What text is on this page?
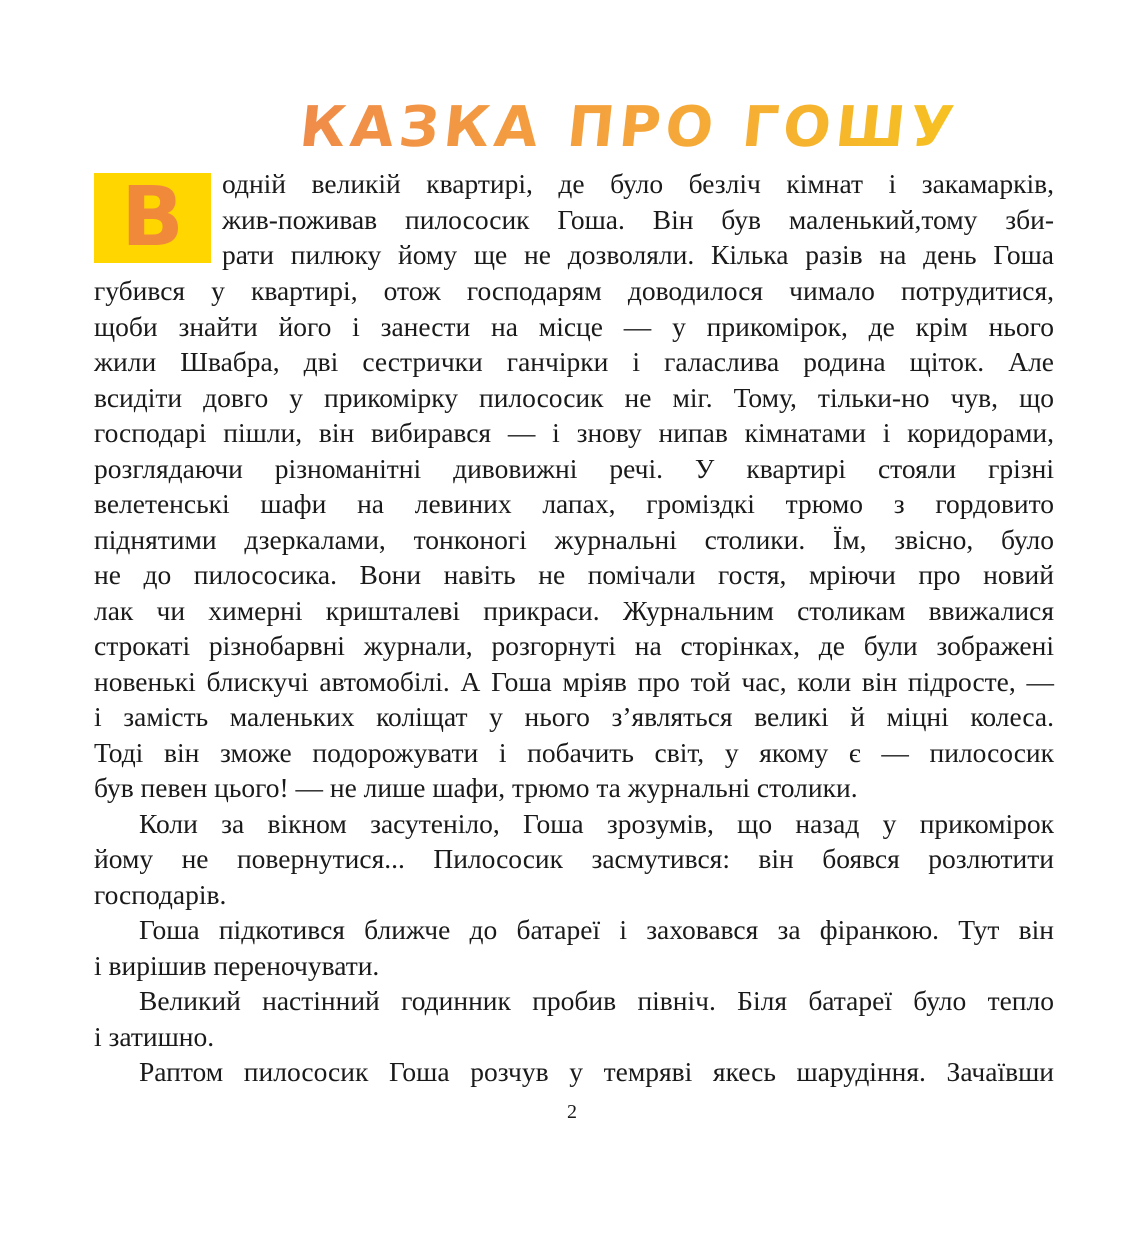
КАЗКА ПРО ГОШУ
В	одній великій квартирі, де було безліч кімнат і закамарків,

жив-поживав пилососик Гоша. Він був маленький,тому зби-

рати пилюку йому ще не дозволяли. Кілька разів на день Гоша

губився у квартирі, отож господарям доводилося чимало потрудитися,

щоби знайти його і занести на місце — у прикомірок, де крім нього

жили Швабра, дві сестрички ганчірки і галаслива родина щіток. Але

всидіти довго у прикомірку пилососик не міг. Тому, тільки-но чув, що

господарі пішли, він вибирався — і знову нипав кімнатами і коридорами,

розглядаючи різноманітні дивовижні речі. У квартирі стояли грізні

велетенські шафи на левиних лапах, громіздкі трюмо з гордовито

піднятими дзеркалами, тонконогі журнальні столики. Їм, звісно, було

не до пилососика. Вони навіть не помічали гостя, мріючи про новий

лак чи химерні кришталеві прикраси. Журнальним столикам ввижалися

строкаті різнобарвні журнали, розгорнуті на сторінках, де були зображені

новенькі блискучі автомобілі. А Гоша мріяв про той час, коли він підросте, —

і замість маленьких коліщат у нього з’являться великі й міцні колеса.

Тоді він зможе подорожувати і побачить світ, у якому є — пилососик

був певен цього! — не лише шафи, трюмо та журнальні столики.

Коли за вікном засутеніло, Гоша зрозумів, що назад у прикомірок

йому не повернутися... Пилососик засмутився: він боявся розлютити

господарів.

Гоша підкотився ближче до батареї і заховався за фіранкою. Тут він

і вирішив переночувати.

Великий настінний годинник пробив північ. Біля батареї було тепло

і затишно.

Раптом пилососик Гоша розчув у темряві якесь шарудіння. Зачаївши

2
